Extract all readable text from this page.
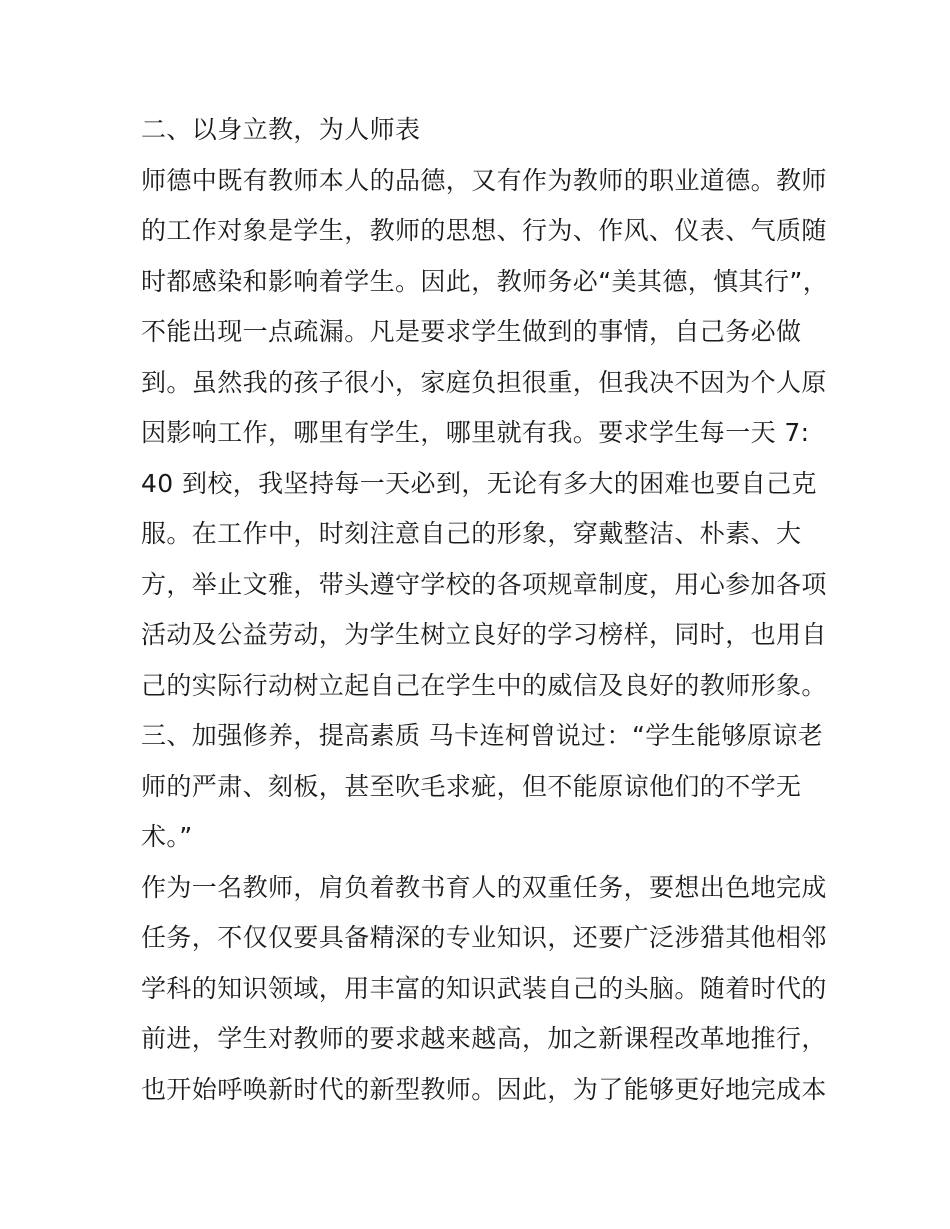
二、以身立教，为人师表
师德中既有教师本人的品德，又有作为教师的职业道德。教师
的工作对象是学生，教师的思想、行为、作风、仪表、气质随
时都感染和影响着学生。因此，教师务必“美其德，慎其行”，
不能出现一点疏漏。凡是要求学生做到的事情，自己务必做
到。虽然我的孩子很小，家庭负担很重，但我决不因为个人原
因影响工作，哪里有学生，哪里就有我。要求学生每一天 7:
40 到校，我坚持每一天必到，无论有多大的困难也要自己克
服。在工作中，时刻注意自己的形象，穿戴整洁、朴素、大
方，举止文雅，带头遵守学校的各项规章制度，用心参加各项
活动及公益劳动，为学生树立良好的学习榜样，同时，也用自
己的实际行动树立起自己在学生中的威信及良好的教师形象。
三、加强修养，提高素质 马卡连柯曾说过：“学生能够原谅老
师的严肃、刻板，甚至吹毛求疵，但不能原谅他们的不学无
术。”
作为一名教师，肩负着教书育人的双重任务，要想出色地完成
任务，不仅仅要具备精深的专业知识，还要广泛涉猎其他相邻
学科的知识领域，用丰富的知识武装自己的头脑。随着时代的
前进，学生对教师的要求越来越高，加之新课程改革地推行，
也开始呼唤新时代的新型教师。因此，为了能够更好地完成本
